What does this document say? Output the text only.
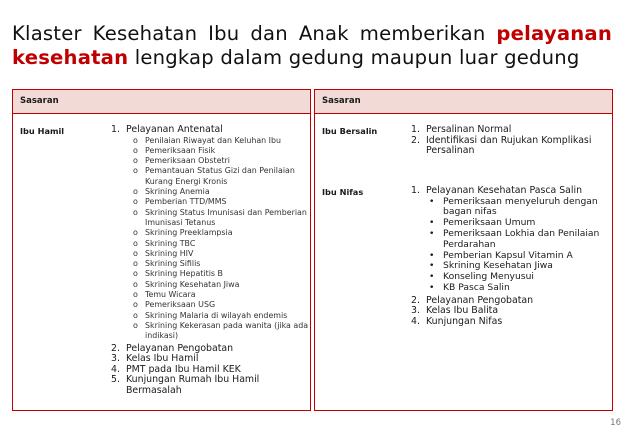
Klaster Kesehatan Ibu dan Anak memberikan pelayanan
kesehatan lengkap dalam gedung maupun luar gedung
Sasaran
Ibu Hamil	1. Pelayanan Antenatal
o Penilaian Riwayat dan Keluhan Ibu
o Pemeriksaan Fisik
o Pemeriksaan Obstetri
o Pemantauan Status Gizi dan Penilaian Kurang Energi Kronis
o Skrining Anemia
o Pemberian TTD/MMS
o Skrining Status Imunisasi dan Pemberian Imunisasi Tetanus
o Skrining Preeklampsia
o Skrining TBC
o Skrining HIV
o Skrining Sifilis
o Skrining Hepatitis B
o Skrining Kesehatan Jiwa
o Temu Wicara
o Pemeriksaan USG
o Skrining Malaria di wilayah endemis
o Skrining Kekerasan pada wanita (jika ada indikasi)
2. Pelayanan Pengobatan
3. Kelas Ibu Hamil
4. PMT pada Ibu Hamil KEK
5. Kunjungan Rumah Ibu Hamil Bermasalah
Sasaran
Ibu Bersalin	1. Persalinan Normal
2. Identifikasi dan Rujukan Komplikasi Persalinan
Ibu Nifas	1. Pelayanan Kesehatan Pasca Salin
• Pemeriksaan menyeluruh dengan bagan nifas
• Pemeriksaan Umum
• Pemeriksaan Lokhia dan Penilaian Perdarahan
• Pemberian Kapsul Vitamin A
• Skrining Kesehatan Jiwa
• Konseling Menyusui
• KB Pasca Salin
2. Pelayanan Pengobatan
3. Kelas Ibu Balita
4. Kunjungan Nifas
16
